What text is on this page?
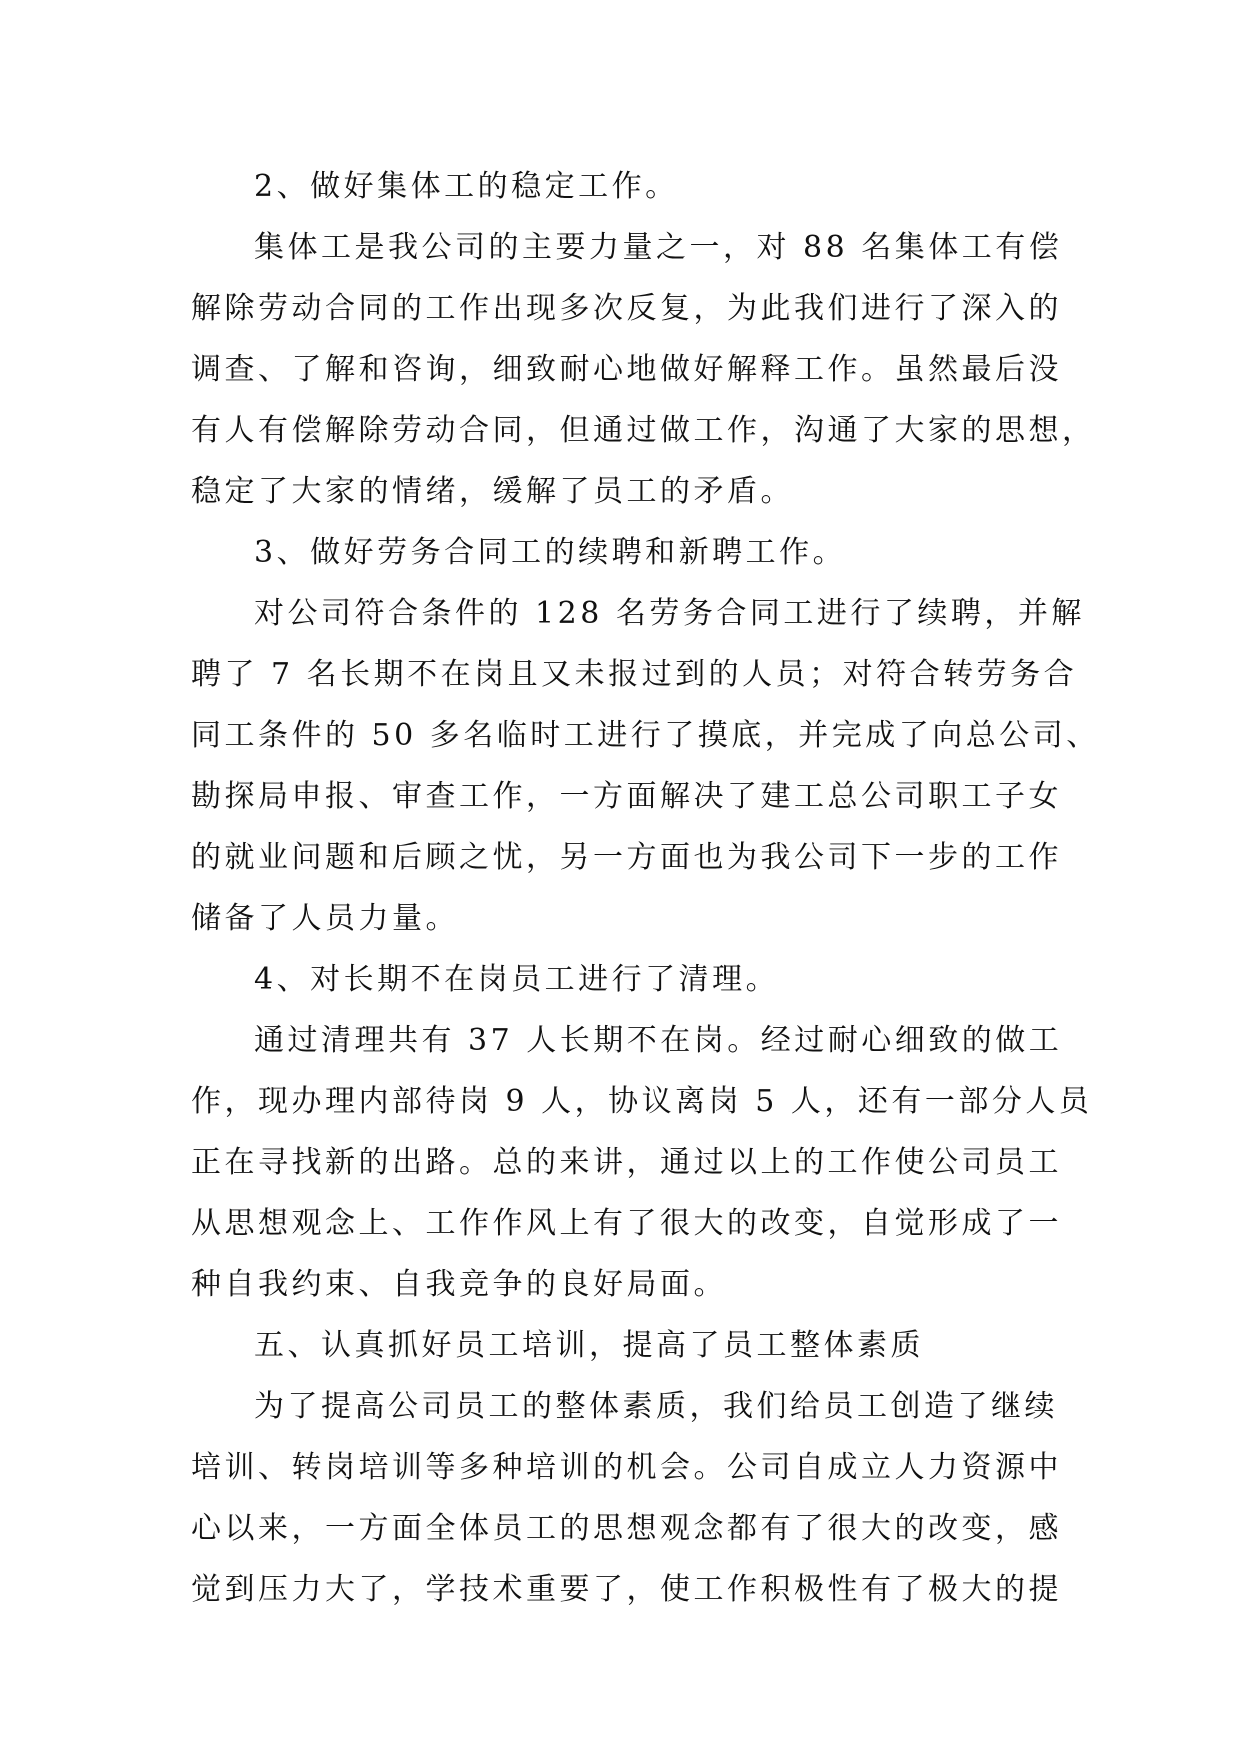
2、做好集体工的稳定工作。

集体工是我公司的主要力量之一，对 88 名集体工有偿
解除劳动合同的工作出现多次反复，为此我们进行了深入的
调查、了解和咨询，细致耐心地做好解释工作。虽然最后没
有人有偿解除劳动合同，但通过做工作，沟通了大家的思想，
稳定了大家的情绪，缓解了员工的矛盾。

3、做好劳务合同工的续聘和新聘工作。

对公司符合条件的 128 名劳务合同工进行了续聘，并解
聘了 7 名长期不在岗且又未报过到的人员；对符合转劳务合
同工条件的 50 多名临时工进行了摸底，并完成了向总公司、
勘探局申报、审查工作，一方面解决了建工总公司职工子女
的就业问题和后顾之忧，另一方面也为我公司下一步的工作
储备了人员力量。

4、对长期不在岗员工进行了清理。

通过清理共有 37 人长期不在岗。经过耐心细致的做工
作，现办理内部待岗 9 人，协议离岗 5 人，还有一部分人员
正在寻找新的出路。总的来讲，通过以上的工作使公司员工
从思想观念上、工作作风上有了很大的改变，自觉形成了一
种自我约束、自我竞争的良好局面。

五、认真抓好员工培训，提高了员工整体素质

为了提高公司员工的整体素质，我们给员工创造了继续
培训、转岗培训等多种培训的机会。公司自成立人力资源中
心以来，一方面全体员工的思想观念都有了很大的改变，感
觉到压力大了，学技术重要了，使工作积极性有了极大的提
